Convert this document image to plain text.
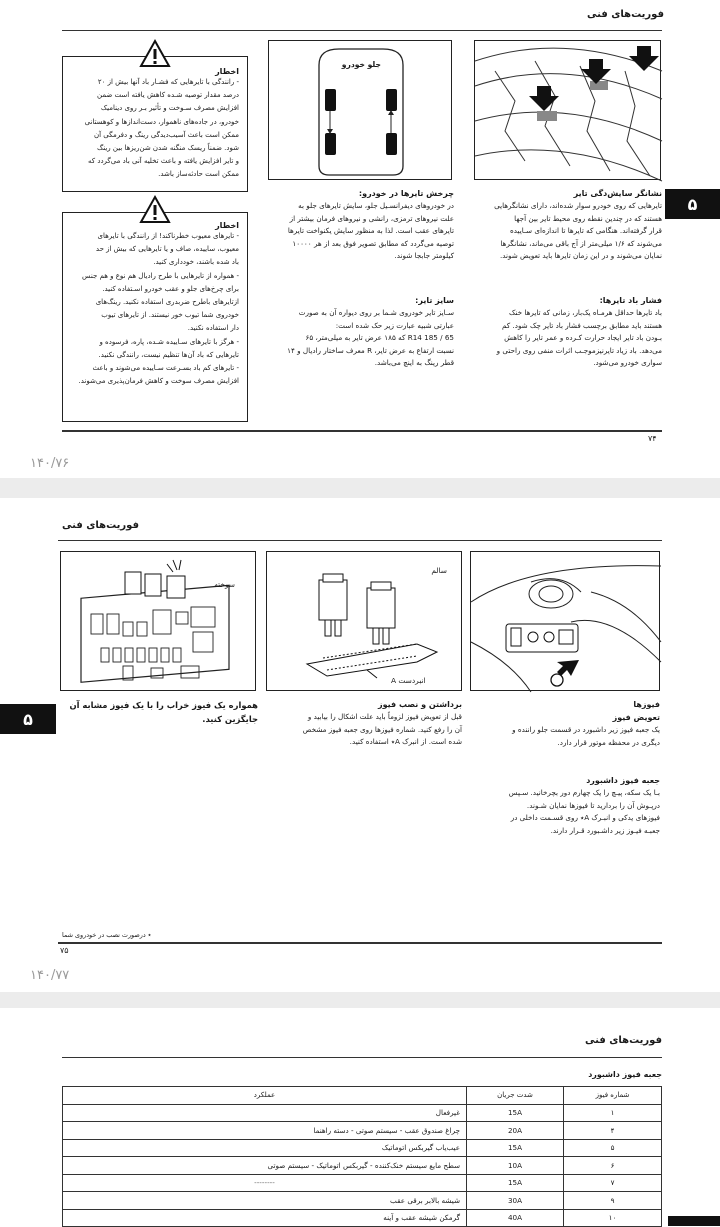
فوریت‌های فنی
جلو خودرو
اخطار
- رانندگی با تایرهایی که فشـار باد آنها بیش از ۲۰
درصد مقدار توصیه شـده کاهش یافته است ضمن
افزایش مصرف سـوخت و تأثیر بـر روی دینامیک
خودرو، در جاده‌های ناهموار، دست‌اندازها و کوهستانی
ممکن است باعث آسیب‌دیدگی رینگ و دفرمگی آن
شود. ضمناً ریسک منگنه شدن شن‌ریزها بین رینگ
و تایر افزایش یافته و باعث تخلیه آنی باد می‌گردد که
ممکن است حادثه‌ساز باشد.
نشانگر سایش‌دگی تایر
تایرهایی که روی خودرو سوار شده‌اند، دارای نشانگرهایی
هستند که در چندین نقطه روی محیط تایر بین آجها
قرار گرفته‌اند. هنگامی که تایرها تا اندازه‌ای سـاییده
می‌شوند که ۱/۶ میلی‌متر از آج باقی می‌ماند، نشانگرها
نمایان می‌شوند و در این زمان تایرها باید تعویض شوند.
فشار باد تایرها:
باد تایرها حداقل هرمـاه یک‌بار، زمانی که تایرها خنک
هستند باید مطابق برچسب فشار باد تایر چک شود. کم
بـودن باد تایر ایجاد حرارت کـرده و عمر تایر را کاهش
می‌دهد. باد زیاد تایرنیزموجـب اثرات منفی روی راحتی و
سواری خودرو می‌شود.
چرخش تایرها در خودرو:
در خودروهای دیفرانسـیل جلو، سایش تایرهای جلو به
علت نیروهای ترمزی، رانشی و نیروهای فرمان بیشتر از
تایرهای عقب است. لذا به منظور سایش یکنواخت تایرها
توصیه می‌گردد که مطابق تصویر فوق بعد از هر ۱۰۰۰۰
کیلومتر جابجا شوند.
سایز تایر:
سـایز تایر خودروی شـما بر روی دیواره آن به صورت
عبارتی شبیه عبارت زیر حک شده است:
R14 185 / 65 که ۱۸۵ عرض تایر به میلی‌متر، ۶۵
نسبت ارتفاع به عرض تایر، R معرف ساختار رادیال و ۱۴
قطر رینگ به اینچ می‌باشد.
اخطار
- تایرهای معیوب خطرناکند! از رانندگی با تایرهای
معیوب، ساییده، صاف و یا تایرهایی که بیش از حد
باد شده باشند، خودداری کنید.
- همواره از تایرهایی با طرح رادیال هم نوع و هم جنس
برای چرخ‌های جلو و عقب خودرو اسـتفاده کنید.
ازتایرهای باطرح ضربدری استفاده نکنید. رینگ‌های
خودروی شما تیوب خور نیستند. از تایرهای تیوب
دار استفاده نکنید.
- هرگز با تایرهای سـاییده شـده، پاره، فرسوده و
تایرهایی که باد آن‌ها تنظیم نیست، رانندگی نکنید.
- تایرهای کم باد بسـرعت سـاییده می‌شوند و باعث
افزایش مصرف سوخت و کاهش فرمان‌پذیری می‌شوند.
۵
۷۴
۱۴۰/۷۶
فوریت‌های فنی
سوخته
سالم
انبردست A
همواره یک فیوز خراب را با یک فیوز مشابه آن
جایگزین کنید.
برداشتن و نصب فیوز
قبل از تعویض فیوز لزوماً باید علت اشکال را بیابید و
آن را رفع کنید. شماره فیوزها روی جعبه فیوز مشخص
شده است. از انبرک A٭ استفاده کنید.
فیوزها
تعویض فیوز
یک جعبه فیوز زیر داشبورد در قسمت جلو راننده و
دیگری در محفظه موتور قرار دارد.
جعبه فیوز داشبورد
بـا یک سکه، پیـچ را یک چهارم دور بچرخانید. سـپس
درپـوش آن را بردارید تا فیوزها نمایان شـوند.
فیوزهای یدکی و انبـرک A٭ روی قسـمت داخلی در
جعبـه فیـوز زیر داشـبورد قـرار دارند.
۵
٭ درصورت نصب در خودروی شما
۷۵
۱۴۰/۷۷
فوریت‌های فنی
جعبه فیوز داشبورد
شماره فیوز	شدت جریان	عملکرد
۱	15A	غیرفعال
۴	20A	چراغ صندوق عقب - سیستم صوتی - دسته راهنما
۵	15A	عیب‌یاب گیربکس اتوماتیک
۶	10A	سطح مایع سیستم خنک‌کننده - گیربکس اتوماتیک - سیستم صوتی
۷	15A	--------
۹	30A	شیشه بالابر برقی عقب
۱۰	40A	گرمکن شیشه عقب و آینه
